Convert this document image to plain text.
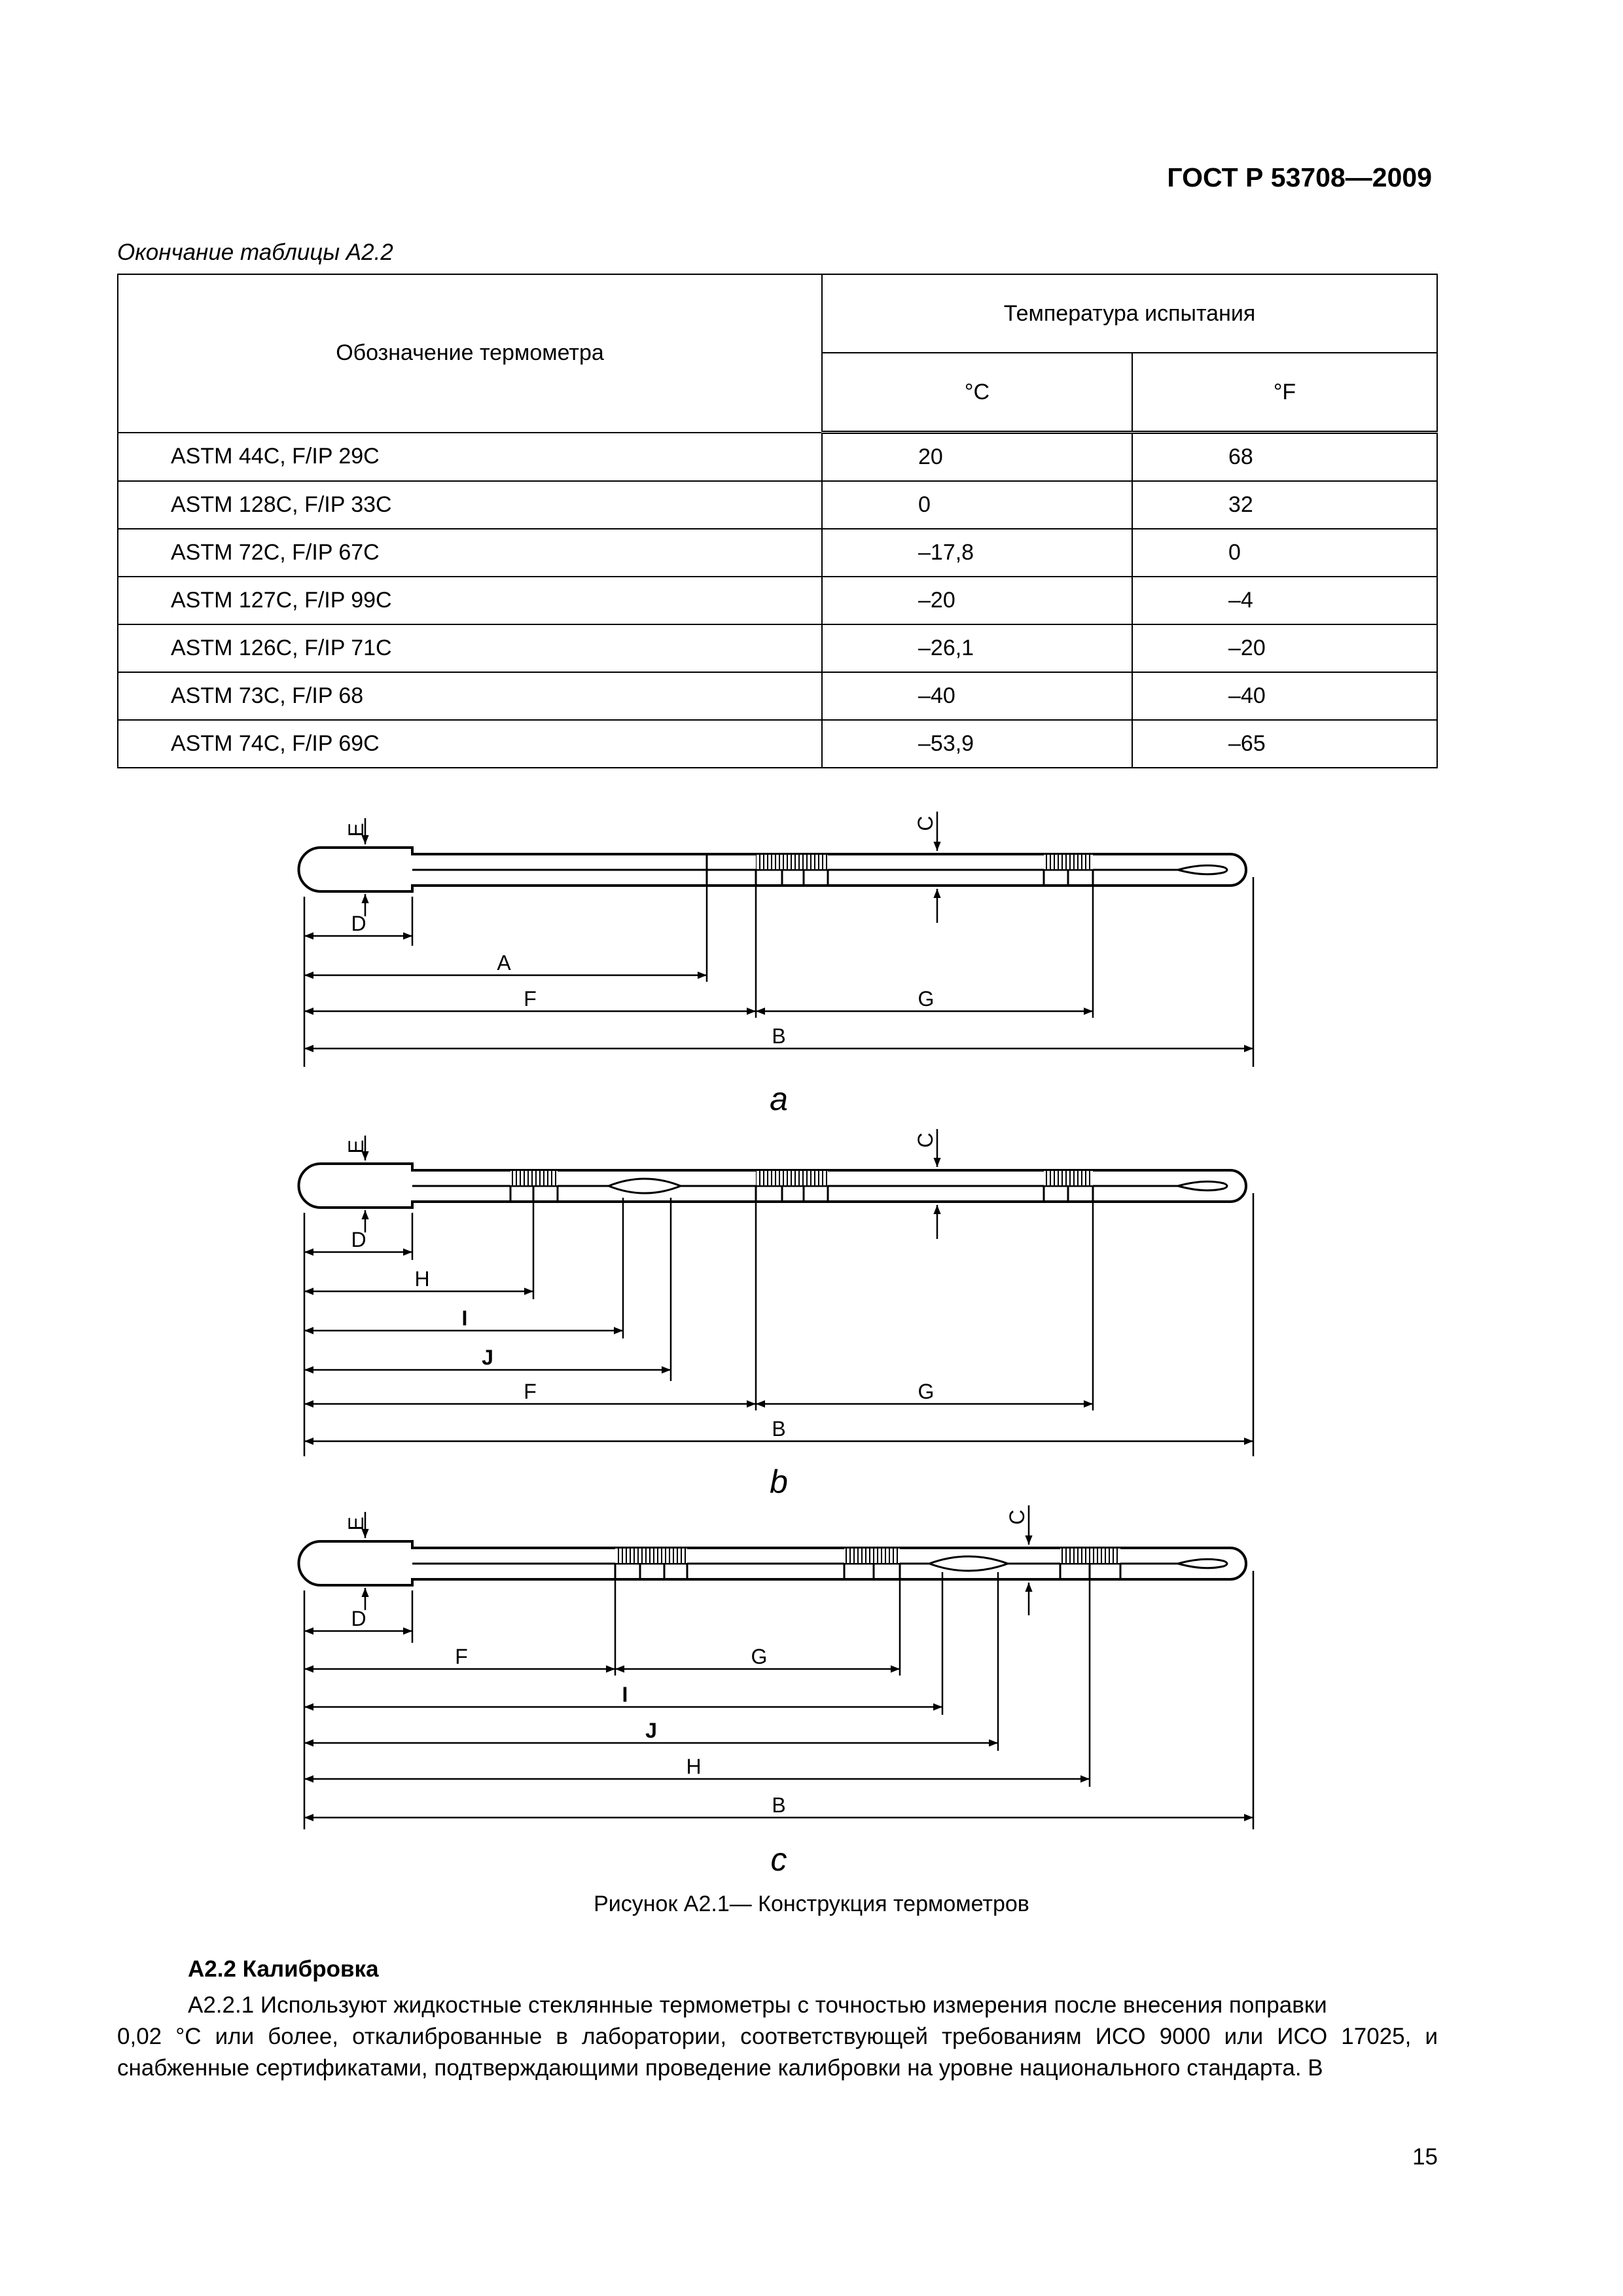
ГОСТ Р 53708—2009
Окончание таблицы А2.2
Обозначение термометра	Температура испытания	
	°C	°F
ASTM 44C, F/IP 29C	20	68
ASTM 128C, F/IP 33C	0	32
ASTM 72C, F/IP 67C	–17,8	0
ASTM 127C, F/IP 99C	–20	–4
ASTM 126C, F/IP 71C	–26,1	–20
ASTM 73C, F/IP 68	–40	–40
ASTM 74C, F/IP 69C	–53,9	–65
E	C
D
A
F	G
B
E	C
D
H
I
J
F	G
B
E	C
D
F	G
I
J
H
B
a
b
c
Рисунок А2.1— Конструкция термометров
А2.2 Калибровка
А2.2.1 Используют жидкостные стеклянные термометры с точностью измерения после внесения поправки
0,02 °С или более, откалиброванные в лаборатории, соответствующей требованиям ИСО 9000 или ИСО 17025, и снабженные сертификатами, подтверждающими проведение калибровки на уровне национального стандарта. В
15
